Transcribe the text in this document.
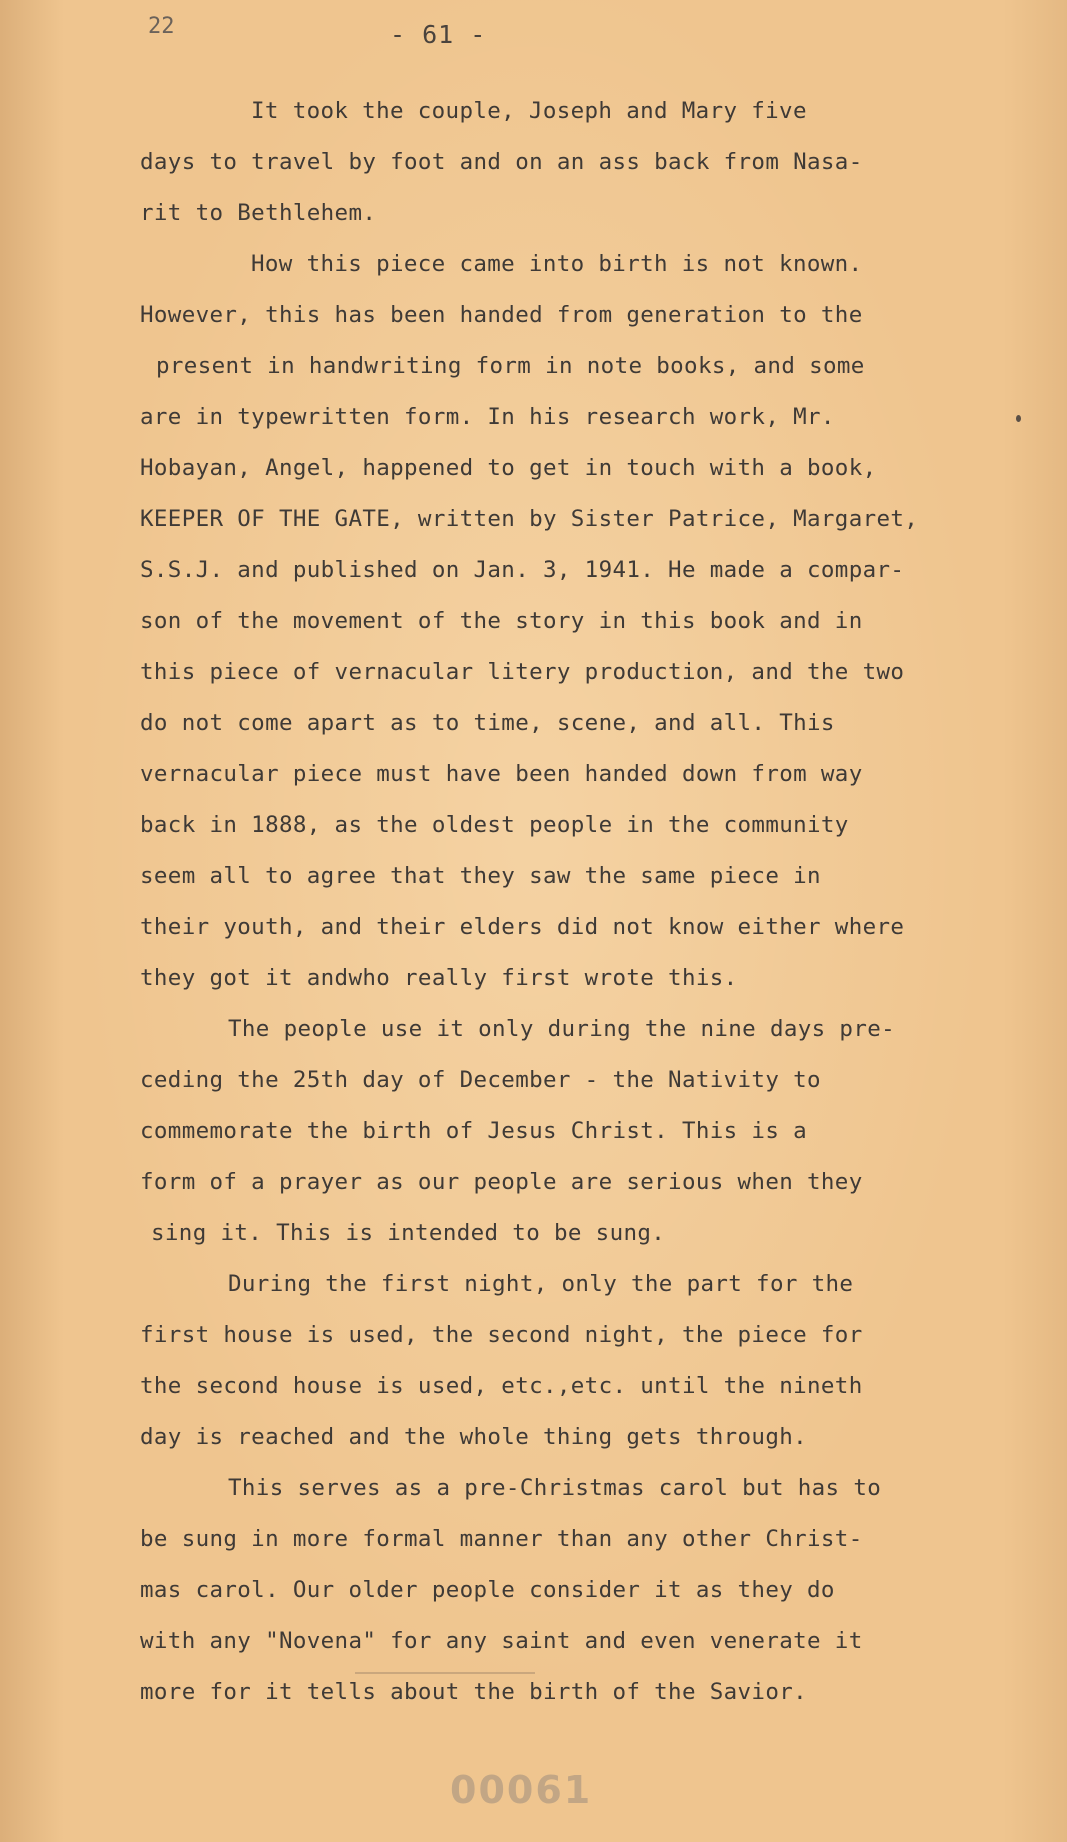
22	- 61 -
It took the couple, Joseph and Mary five
days to travel by foot and on an ass back from Nasa-
rit to Bethlehem.
How this piece came into birth is not known.
However, this has been handed from generation to the
present in handwriting form in note books, and some
are in typewritten form. In his research work, Mr.
Hobayan, Angel, happened to get in touch with a book,
KEEPER OF THE GATE, written by Sister Patrice, Margaret,
S.S.J. and published on Jan. 3, 1941. He made a compar-
son of the movement of the story in this book and in
this piece of vernacular litery production, and the two
do not come apart as to time, scene, and all. This
vernacular piece must have been handed down from way
back in 1888, as the oldest people in the community
seem all to agree that they saw the same piece in
their youth, and their elders did not know either where
they got it andwho really first wrote this.
The people use it only during the nine days pre-
ceding the 25th day of December - the Nativity to
commemorate the birth of Jesus Christ. This is a
form of a prayer as our people are serious when they
sing it. This is intended to be sung.
During the first night, only the part for the
first house is used, the second night, the piece for
the second house is used, etc.,etc. until the nineth
day is reached and the whole thing gets through.
This serves as a pre-Christmas carol but has to
be sung in more formal manner than any other Christ-
mas carol. Our older people consider it as they do
with any "Novena" for any saint and even venerate it
more for it tells about the birth of the Savior.
00061
